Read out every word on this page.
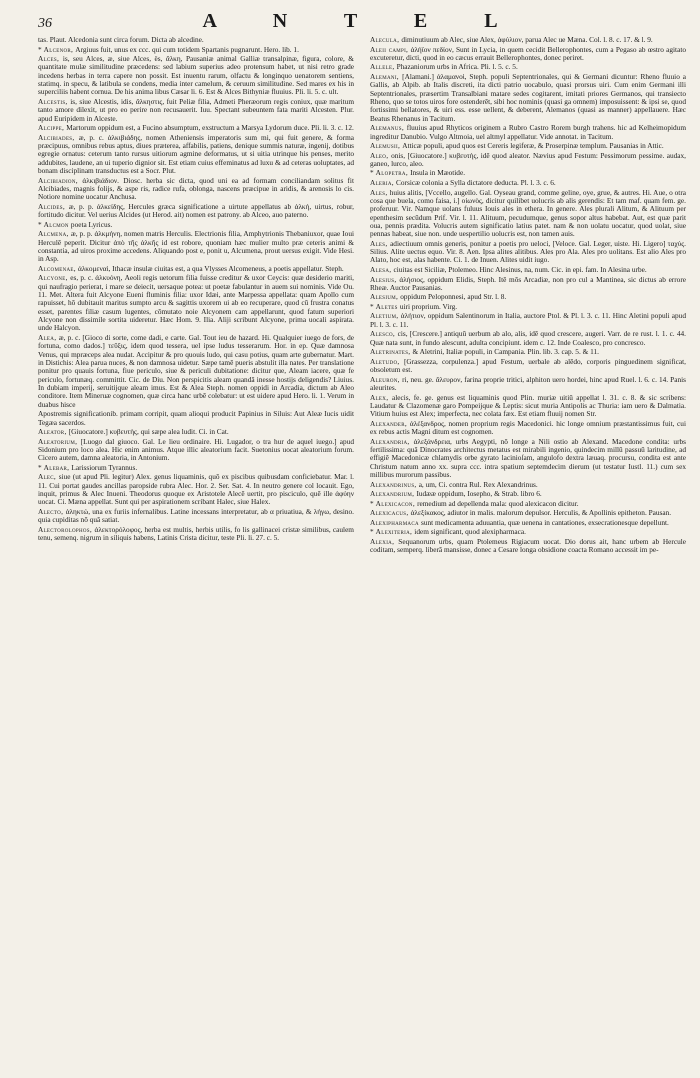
36	A N T E L

tas. Plaut. Alcedonia sunt circa forum. Dicta ab alcedine.

* Alcenor, Argiuus fuit, unus ex ccc. qui cum totidem Spartanis pugnarunt. Hero. lib. 1.

Alces, is, seu Alces, æ, siue Alces, ës, ἄλκη, Pausaniæ animal Galliæ transalpinæ, figura, colore, & quantitate mulæ similitudine præcedens: sed labium superius adeo protensum habet, ut nisi retro grade incedens herbas in terra capere non possit. Est inuentu rarum, olfactu & longinquo uenatorem sentiens, statimq. in specu, & latibula se condens, media inter camelum, & ceruum similitudine. Sed mares ex his in superciliis habent cornua. De his anima libus Cæsar li. 6. Est & Alces Bithyniæ fluuius. Pli. li. 5. c. ult.

Alcestis, is, siue Alcestis, idis, ἄλκηστις, fuit Peliæ filia, Admeti Pheræorum regis coniux, quæ maritum tanto amore dilexit, ut pro eo perire non recusauerit. Iuu. Spectant subeuntem fata mariti Alcesten. Plur. apud Euripidem in Alceste.

Alcippe, Martorum oppidum est, a Fucino absumptum, exstructum a Marsya Lydorum duce. Pli. li. 3. c. 12.

Alcibiades, æ, p. c. ἀλκιβιάδης, nomen Atheniensis imperatoris sum mi, qui fuit genere, & forma præcipuus, omnibus rebus aptus, diues præterea, affabilis, patiens, denique summis naturæ, ingenij, dotibus egregie ornatus: ceterum tanto rursus uitiorum agmine deformatus, ut si uitia utrinque his penses, merito addubites, laudene, an ui tuperio dignior sit. Est etiam cuius effeminatus ad luxu & ad ceteras uoluptates, ad bonam disciplinam transductus est a Socr. Plut.

Alcibiadion, ἀλκιβιάδιον. Diosc. herba sic dicta, quod uni ea ad formam conciliandam solitus fit Alcibiades, magnis folijs, & aspe ris, radice rufa, oblonga, nascens præcipue in aridis, & arenosis lo cis. Notiore nomine uocatur Anchusa.

Alcides, æ, p. p. ἀλκείδης, Hercules græca significatione a uirtute appellatus ab ἀλκή, uirtus, robur, fortitudo dicitur. Vel uerius Alcides (ut Herod. ait) nomen est patrony. ab Alceo, auo paterno.

* Alcmon poeta Lyricus.

Alcmena, æ, p. p. ἀλκμήνη, nomen matris Herculis. Electrionis filia, Amphytrionis Thebaniuxor, quae Ioui Herculē peperit. Dicitur ἀπὸ τῆς ἀλκῆς id est robore, quoniam hæc mulier multo præ ceteris animi & constantia, ad uiros proxime accedens. Aliquando post e, ponit u, Alcumena, prout uersus exigit. Vide Hesi. in Asp.

Alcomenae, ἀλκομεναὶ, Ithacæ insulæ ciuitas est, a qua Vlysses Alcomeneus, a poetis appellatur. Steph.

Alcyone, es, p. c. ἀλκυόνη, Aeoli regis uetorum filia fuisse creditur & uxor Ceycis: quæ desiderio mariti, qui naufragio perierat, i mare se deiecit, uersaque potea: ut poetæ fabulantur in auem sui nominis. Vide Ou. 11. Met. Altera fuit Alcyone Eueni fluminis filia: uxor Idæi, ante Marpessa appellata: quam Apollo cum rapuisset, hō dubitauit maritus sumpto arcu & sagittis uxorem ui ab eo recuperare, quod cū frustra conatus esset, parentes filiæ casum lugentes, cōmutato noie Alcyonem cam appellarunt, quod fatum superiori Alcyone non dissimile sortita uideretur. Hæc Hom. 9. Ilia. Aliji scribunt Alcyone, prima uocali aspirata. unde Halcyon.

Alea, æ, p. c. [Gioco di sorte, come dadi, e carte. Gal. Tout ieu de hazard. Hi. Qualquier iuego de fors, de fortuna, como dados.] τεῦξις, idem quod tessera, uel ipse ludus tesserarum. Hor. in ep. Quæ damnosa Venus, qui mpræceps alea nudat. Accipitur & pro quouis ludo, qui casu potius, quam arte gubernatur. Mart. in Distichis: Alea parua nuces, & non damnosa uidetur. Sæpe tamē pueris abstulit illa nates. Per translatione ponitur pro quauis fortuna, fiue periculo, siue & periculi dubitatione: dicitur que, Aleam iacere, quæ fe periculo, fortunæq. committit. Cic. de Diu. Non perspicitis aleam quandā inesse hostijs deligendis? Liuius. In dubiam imperij, seruitijque aleam imus. Est & Alea Steph. nomen oppidi in Arcadia, dictum ab Aleo conditore. Item Mineruæ cognomen, quæ circa hanc urbē colebatur: ut est uidere apud Hero. li. 1. Verum in duabus hisce

Apostremis significationib. primam corripit, quam alioqui producit Papinius in Siluis: Aut Aleæ Iucis uidit Tegæa sacerdos.

Aleator, [Giuocatore.] κυβευτὴς, qui sæpe alea ludit. Ci. in Cat.

Aleatorium, [Luogo dal giuoco. Gal. Le lieu ordinaire. Hi. Lugador, o tra hur de aquel iuego.] apud Sidonium pro loco alea. Hic enim animus. Atque illic aleatorium facit. Suetonius uocat aleatorium forum. Cicero autem, damna aleatoria, in Antonium.

* Alebar, Larissiorum Tyrannus.

Alec, siue (ut apud Pli. legitur) Alex. genus liquaminis, quō ex piscibus quibusdam conficiebatur. Mar. l. 11. Cui portat gaudes ancillas paropside rubra Alec. Hor. 2. Ser. Sat. 4. In neutro genere col locauit. Ego, inquit, primus & Alec Inueni. Theodorus quoque ex Aristotele Alecē uertit, pro pisciculo, quē ille ἀφύην uocat. Ci. Mæna appellat. Sunt qui per aspirationem scribant Halec, siue Halex.

Alecto, ἀληκτώ, una ex furiis infernalibus. Latine incessans interpretatur, ab α priuatiua, & λήγω, desino. quia cupiditas nō quā satiat.

Alectorolophos, ἀλεκτορόλοφος, herba est multis, herbis utilis, fo lis gallinacei cristæ similibus, caulem tenu, semenq. nigrum in siliquis habens, Latinis Crista dicitur, teste Pli. li. 27. c. 5.

Alecula, diminutiuum ab Alec, siue Alex, ἀφύλιον, parua Alec ue Mæna. Col. l. 8. c. 17. & l. 9.

Aleii campi, ἀλήϊον πεδίον, Sunt in Lycia, in quem cecidit Bellerophontes, cum a Pegaso ab œstro agitato excuteretur, dicti, quod in eo cæcus errauit Bellerophontes, donec periret.

Allele, Phazaniorum urbs in Africa. Pli. l. 5. c. 5.

Alemani, [Alamani.] ἀλαμανοὶ, Steph. populi Septentrionales, qui & Germani dicuntur: Rheno fluuio a Gallis, ab Alpib. ab Italis discreti, ita dicti patrio uocabulo, quasi prorsus uiri. Cum enim Germani illi Septentrionales, præsertim Transalbiani matare sedes cogitarent, imitati priores Germanos, qui transiecto Rheno, quo se totos uiros fore ostenderēt, sibi hoc nominis (quasi ga omnem) imposuissent: & ipsi se, quod fortissimi bellatores, & uiri ess. esse uellent, & deberent, Alemanos (quasi as manner) appellauere. Hæc Beatus Rhenanus in Tacitum.

Alemanus, fluuius apud Rhyticos originem a Rubro Castro Rorem burgh trahens. hic ad Kelheimopidum ingreditur Danubio. Vulgo Altmoia, uel altmyl appellatur. Vide annotat. in Tacitum.

Alemusii, Atticæ populi, apud quos est Cereris legiferæ, & Proserpinæ templum. Pausanias in Attic.

Aleo, onis, [Giuocatore.] κυβευτὴς, idē quod aleator. Nævius apud Festum: Pessimorum pessime. audax, ganeo, lurco, aleo.

* Alopetra, Insula in Mæotide.

Aleria, Corsicæ colonia a Sylla dictatore deducta. Pl. l. 3. c. 6.

Ales, huius alitis, [Vccello, augello. Gal. Oyseau grand, comme geline, oye, grue, & autres. Hi. Aue, o otra cosa que buela, como faisa, i.] οἰωνὸς, dicitur quilibet uolucris ab alis gerendis: Et tam maf. quam fem. ge. proferuur. Vir. Namque uolans fuluus Iouis ales in ethera. In genere. Ales plurali Alitum, & Alituum per epenthesim secūdum Prif. Vir. l. 11. Alituum, pecudumque, genus sopor altus habebat. Aut, est quæ parit oua, pennis prædita. Volucris autem significatio latius patet. nam & non uolatu uocatur, quod uolat, siue pennas habeat, siue non. unde uespertilio uolucris est, non tamen auis.

Ales, adiectiuum omnis generis, ponitur a poetis pro ueloci, [Veloce. Gal. Leger, uiste. Hi. Ligero] ταχύς. Silius. Alite uectus equo. Vir. 8. Aen. Ipsa alites alitibus. Ales pro Ala. Ales pro uolitans. Est alio Ales pro Alato, hoc est, alas habente. Ci. 1. de Inuen. Alites uidit iugo.

Alesa, ciuitas est Siciliæ, Ptolemeo. Hinc Alesinus, na, num. Cic. in epi. fam. In Alesina urbe.

Alesius, ἀλήσιος, oppidum Elidis, Steph. Itē mōs Arcadiæ, non pro cul a Mantinea, sic dictus ab errore Rheæ. Auctor Pausanias.

Alesium, oppidum Peloponnesi, apud Str. l. 8.

* Aletes uiri proprium. Virg.

Aletium, ἀλήτιον, oppidum Salentinorum in Italia, auctore Ptol. & Pl. l. 3. c. 11. Hinc Aletini populi apud Pl. l. 3. c. 11.

Alesco, cis, [Crescere.] antiquū uerbum ab alo, alis, idē quod crescere, augeri. Varr. de re rust. l. 1. c. 44. Quæ nata sunt, in fundo alescunt, adulta concipiunt. idem c. 12. Inde Coalesco, pro concresco.

Aletrinates, & Aletrini, Italiæ populi, in Campania. Plin. lib. 3. cap. 5. & 11.

Aletudo, [Grassezza, corpulenza.] apud Festum, uerbale ab alēdo, corporis pinguedinem significat, obsoletum est.

Aleuron, ri, neu. ge. ἄλευρον, farina proprie tritici, alphiton uero hordei, hinc apud Ruel. l. 6. c. 14. Panis aleurites.

Alex, alecis, fe. ge. genus est liquaminis quod Plin. muriæ uitiū appellat l. 31. c. 8. & sic scribens: Laudatur & Clazomenæ garo Pompeijque & Leptis: sicut muria Antipolis ac Thuria: iam uero & Dalmatia. Vitium huius est Alex; imperfecta, nec colata fæx. Est etiam fluuij nomen Str.

Alexander, ἀλέξανδρος, nomen proprium regis Macedonici. hic longe omnium præstantissimus fuit, cui ex rebus actis Magni ditum est cognomen.

Alexandria, ἀλεξάνδρεια, urbs Aegypti, nō longe a Nili ostio ab Alexand. Macedone condita: urbs fertilissima: quā Dinocrates architectus metatus est mirabili ingenio, quindecim millū passuū laritudine, ad effigiē Macedonicæ chlamydis orbe gyrato lacinioſam, angulofo dextra læuaq. procursu, condita est ante Christum natum anno xx. supra ccc. intra spatium septemdecim dierum (ut testatur Iustl. 11.) cum sex millibus murorum passibus.

Alexandrinus, a, um, Ci. contra Rul. Rex Alexandrinus.

Alexandrium, Iudææ oppidum, Iosepho, & Strab. libro 6.

* Alexicacon, remedium ad depellenda mala: quod alexicacon dicitur.

Alexicacus, ἀλεξίκακος, adiutor in malis. malorum depulsor. Herculis, & Apollinis epitheton. Pausan.

Alexipharmaca sunt medicamenta aduuantia, quæ uenena in cantationes, exsecrationesque depellunt.

* Alexiteria, idem significant, quod alexipharmaca.

Alexia, Sequanorum urbs, quam Ptolemeus Rigiacum uocat. Dio dorus ait, hanc urbem ab Hercule coditam, semperq. liberā mansisse, donec a Cesare longa obsidione coacta Romano accessit im pe-
